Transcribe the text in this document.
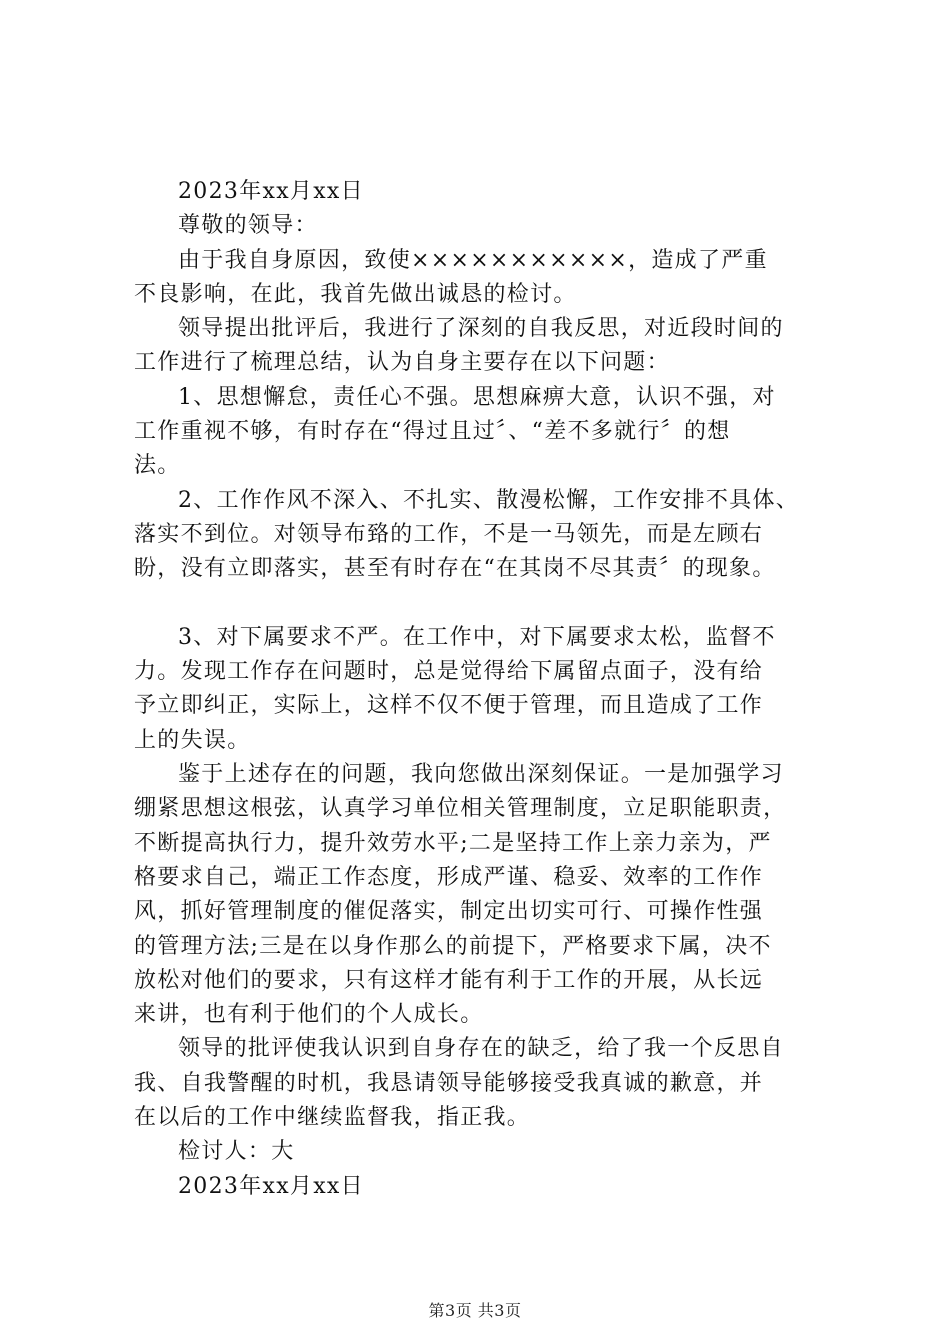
2023年xx月xx日
尊敬的领导：
由于我自身原因，致使×××××××××××，造成了严重
不良影响，在此，我首先做出诚恳的检讨。
领导提出批评后，我进行了深刻的自我反思，对近段时间的
工作进行了梳理总结，认为自身主要存在以下问题：
1、思想懈怠，责任心不强。思想麻痹大意，认识不强，对
工作重视不够，有时存在“得过且过〞、“差不多就行〞的想
法。
2、工作作风不深入、不扎实、散漫松懈，工作安排不具体、
落实不到位。对领导布臵的工作，不是一马领先，而是左顾右
盼，没有立即落实，甚至有时存在“在其岗不尽其责〞的现象。
3、对下属要求不严。在工作中，对下属要求太松，监督不
力。发现工作存在问题时，总是觉得给下属留点面子，没有给
予立即纠正，实际上，这样不仅不便于管理，而且造成了工作
上的失误。
鉴于上述存在的问题，我向您做出深刻保证。一是加强学习
绷紧思想这根弦，认真学习单位相关管理制度，立足职能职责，
不断提高执行力，提升效劳水平;二是坚持工作上亲力亲为，严
格要求自己，端正工作态度，形成严谨、稳妥、效率的工作作
风，抓好管理制度的催促落实，制定出切实可行、可操作性强
的管理方法;三是在以身作那么的前提下，严格要求下属，决不
放松对他们的要求，只有这样才能有利于工作的开展，从长远
来讲，也有利于他们的个人成长。
领导的批评使我认识到自身存在的缺乏，给了我一个反思自
我、自我警醒的时机，我恳请领导能够接受我真诚的歉意，并
在以后的工作中继续监督我，指正我。
检讨人：大
2023年xx月xx日
第3页 共3页
